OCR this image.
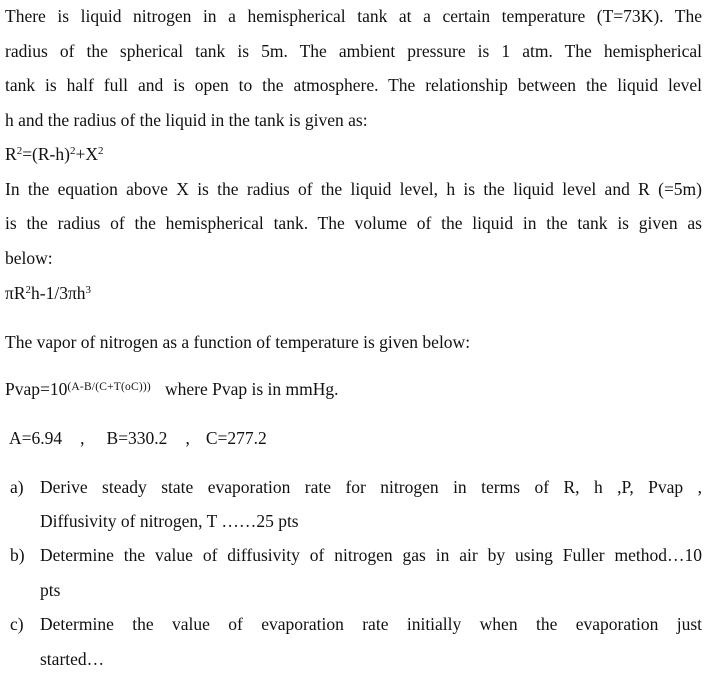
There is liquid nitrogen in a hemispherical tank at a certain temperature (T=73K). The
radius of the spherical tank is 5m. The ambient pressure is 1 atm. The hemispherical
tank is half full and is open to the atmosphere. The relationship between the liquid level
h and the radius of the liquid in the tank is given as:
$R^2=(R-h)^2+X^2$
In the equation above X is the radius of the liquid level, h is the liquid level and R (=5m)
is the radius of the hemispherical tank. The volume of the liquid in the tank is given as
below:
$\pi R^2h-1/3\pi h^3$
The vapor of nitrogen as a function of temperature is given below:
$Pvap=10^{(A-B/(C+T(oC)))}$ where Pvap is in mmHg.
A=6.94 , B=330.2 , C=277.2
a) Derive steady state evaporation rate for nitrogen in terms of R, h ,P, Pvap ,
Diffusivity of nitrogen, T ……25 pts
b) Determine the value of diffusivity of nitrogen gas in air by using Fuller method…10
pts
c) Determine the value of evaporation rate initially when the evaporation just
started…
